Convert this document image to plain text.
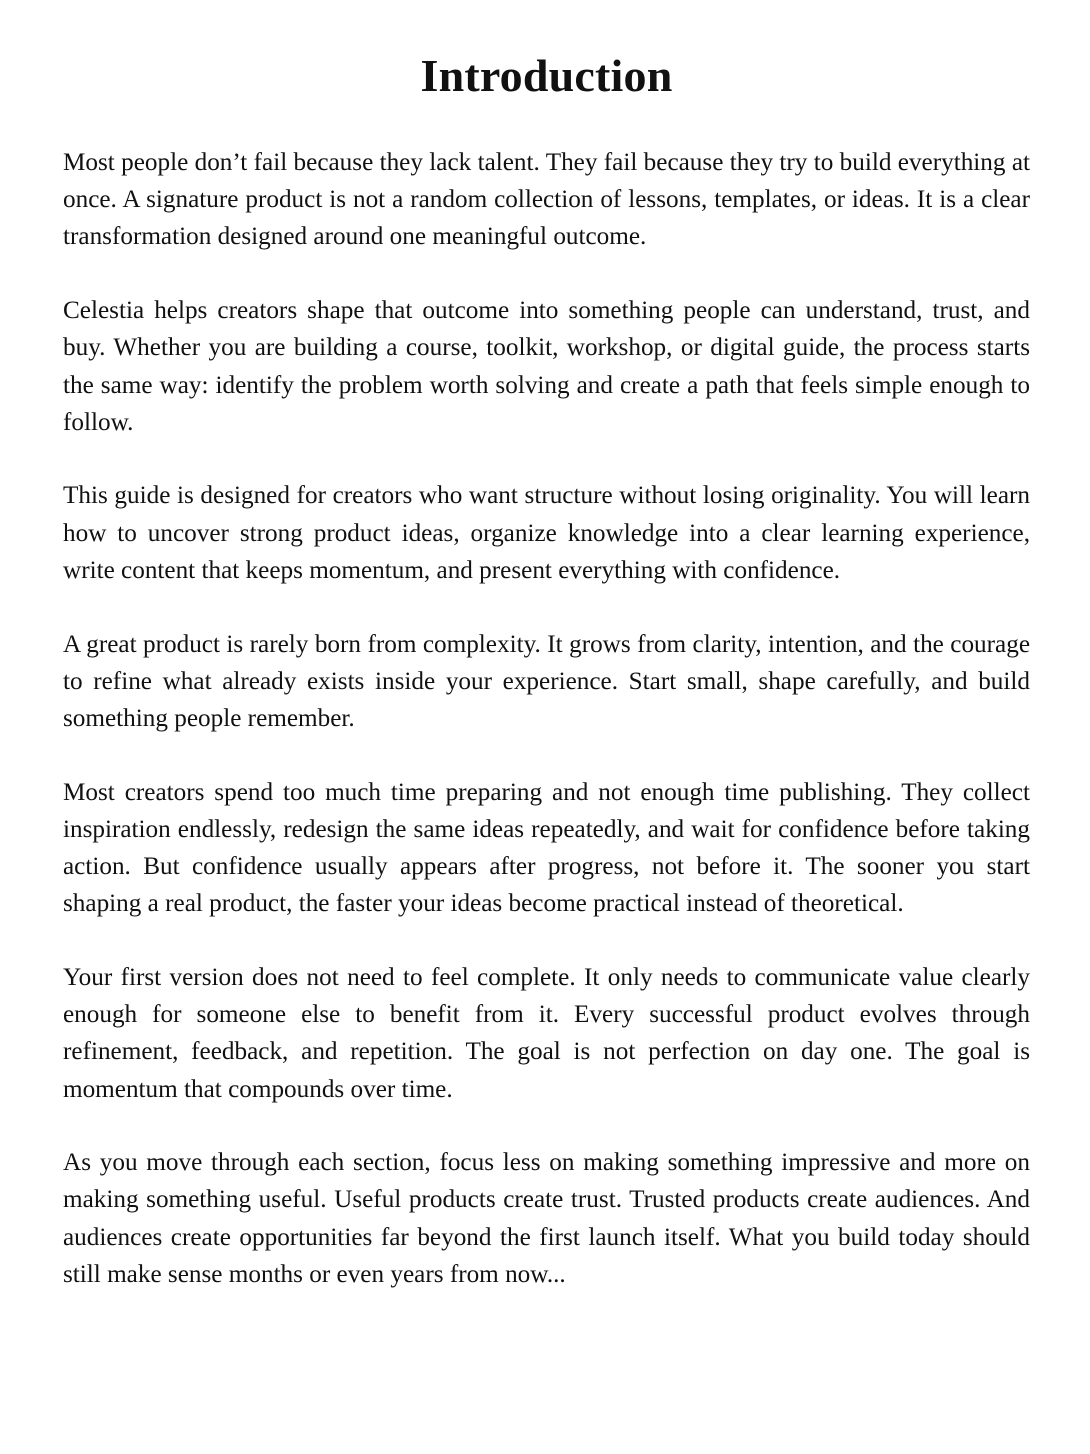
Introduction

Most people don’t fail because they lack talent. They fail because they try to build everything at once. A signature product is not a random collection of lessons, templates, or ideas. It is a clear transformation designed around one meaningful outcome.

Celestia helps creators shape that outcome into something people can understand, trust, and buy. Whether you are building a course, toolkit, workshop, or digital guide, the process starts the same way: identify the problem worth solving and create a path that feels simple enough to follow.

This guide is designed for creators who want structure without losing originality. You will learn how to uncover strong product ideas, organize knowledge into a clear learning experience, write content that keeps momentum, and present everything with confidence.

A great product is rarely born from complexity. It grows from clarity, intention, and the courage to refine what already exists inside your experience. Start small, shape carefully, and build something people remember.

Most creators spend too much time preparing and not enough time publishing. They collect inspiration endlessly, redesign the same ideas repeatedly, and wait for confidence before taking action. But confidence usually appears after progress, not before it. The sooner you start shaping a real product, the faster your ideas become practical instead of theoretical.

Your first version does not need to feel complete. It only needs to communicate value clearly enough for someone else to benefit from it. Every successful product evolves through refinement, feedback, and repetition. The goal is not perfection on day one. The goal is momentum that compounds over time.

As you move through each section, focus less on making something impressive and more on making something useful. Useful products create trust. Trusted products create audiences. And audiences create opportunities far beyond the first launch itself. What you build today should still make sense months or even years from now...
